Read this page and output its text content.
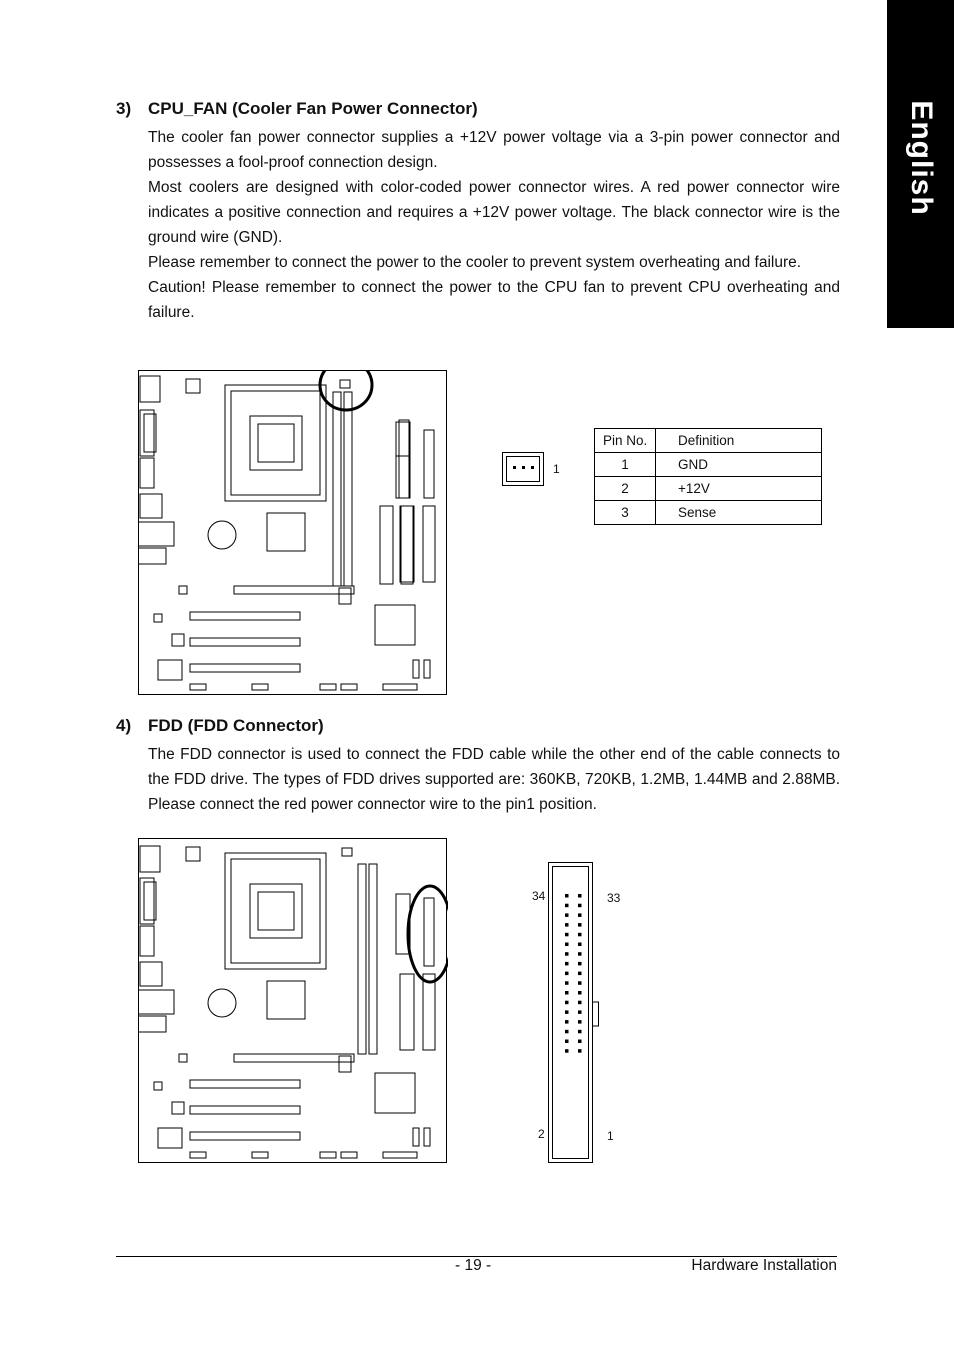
English
3) CPU_FAN (Cooler Fan Power Connector)

The cooler fan power connector supplies a +12V power voltage via a 3-pin power connector and possesses a fool-proof connection design.

Most coolers are designed with color-coded power connector wires. A red power connector wire indicates a positive connection and requires a +12V power voltage. The black connector wire is the ground wire (GND).

Please remember to connect the power to the cooler to prevent system overheating and failure.

Caution! Please remember to connect the power to the CPU fan to prevent CPU overheating and failure.

1
Pin No.	Definition
1	GND
2	+12V
3	Sense
4) FDD (FDD Connector)

The FDD connector is used to connect the FDD cable while the other end of the cable connects to the FDD drive. The types of FDD drives supported are: 360KB, 720KB, 1.2MB, 1.44MB and 2.88MB. Please connect the red power connector wire to the pin1 position.

34	33
2	1
- 19 -	Hardware Installation
